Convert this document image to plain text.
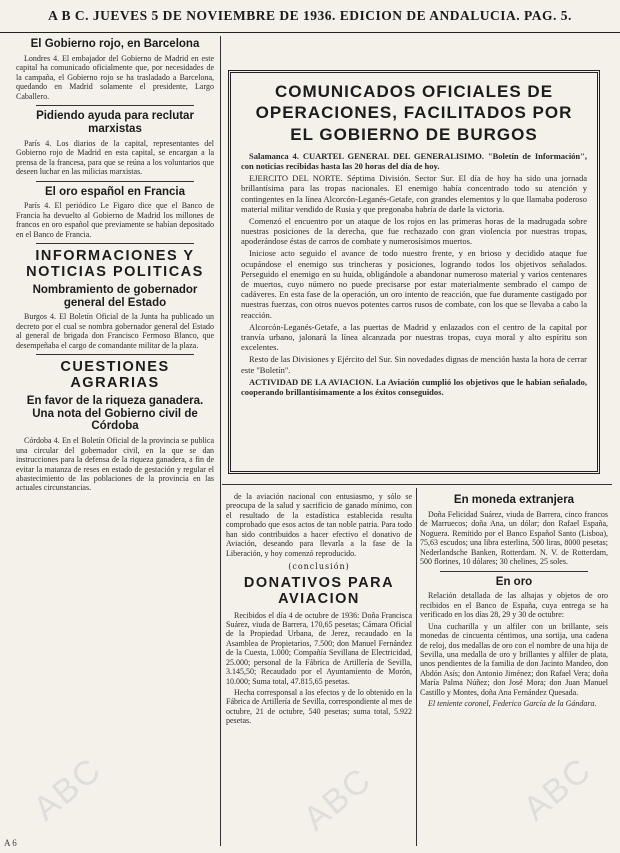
A B C. JUEVES 5 DE NOVIEMBRE DE 1936. EDICION DE ANDALUCIA. PAG. 5.
El Gobierno rojo, en Barcelona

Londres 4. El embajador del Gobierno de Madrid en este capital ha comunicado oficialmente que, por necesidades de la campaña, el Gobierno rojo se ha trasladado a Barcelona, quedando en Madrid solamente el presidente, Largo Caballero.

Pidiendo ayuda para reclutar marxistas

París 4. Los diarios de la capital, representantes del Gobierno rojo de Madrid en esta capital, se encargan a la prensa de la francesa, para que se reúna a los voluntarios que deseen luchar en las milicias marxistas.

El oro español en Francia

París 4. El periódico Le Figaro dice que el Banco de Francia ha devuelto al Gobierno de Madrid los millones de francos en oro español que previamente se habían depositado en el Banco de Francia.

INFORMACIONES Y NOTICIAS POLITICAS
Nombramiento de gobernador general del Estado

Burgos 4. El Boletín Oficial de la Junta ha publicado un decreto por el cual se nombra gobernador general del Estado al general de brigada don Francisco Fermoso Blanco, que desempeñaba el cargo de comandante militar de la plaza.

CUESTIONES AGRARIAS
En favor de la riqueza ganadera. Una nota del Gobierno civil de Córdoba

Córdoba 4. En el Boletín Oficial de la provincia se publica una circular del gobernador civil, en la que se dan instrucciones para la defensa de la riqueza ganadera, a fin de evitar la matanza de reses en estado de gestación y regular el abastecimiento de las poblaciones de la provincia en las actuales circunstancias.

COMUNICADOS OFICIALES DE OPERACIONES, FACILITADOS POR EL GOBIERNO DE BURGOS

Salamanca 4. CUARTEL GENERAL DEL GENERALISIMO. "Boletín de Información", con noticias recibidas hasta las 20 horas del día de hoy.

EJERCITO DEL NORTE. Séptima División. Sector Sur. El día de hoy ha sido una jornada brillantísima para las tropas nacionales. El enemigo había concentrado todo su atención y contingentes en la línea Alcorcón-Leganés-Getafe, con grandes elementos y lo que llamaba poderoso material militar vendido de Rusia y que pregonaba habría de darle la victoria.

Comenzó el encuentro por un ataque de los rojos en las primeras horas de la madrugada sobre nuestras posiciones de la derecha, que fue rechazado con gran violencia por nuestras tropas, apoderándose éstas de carros de combate y numerosísimos muertos.

Iniciose acto seguido el avance de todo nuestro frente, y en brioso y decidido ataque fue ocupándose el enemigo sus trincheras y posiciones, logrando todos los objetivos señalados. Perseguido el enemigo en su huida, obligándole a abandonar numeroso material y varios centenares de muertos, cuyo número no puede precisarse por estar materialmente sembrado el campo de cadáveres. En esta fase de la operación, un oro intento de reacción, que fue duramente castigado por nuestras fuerzas, con otros nuevos potentes carros rusos de combate, con los que se llevaba a cabo la reacción.

Alcorcón-Leganés-Getafe, a las puertas de Madrid y enlazados con el centro de la capital por tranvía urbano, jalonará la línea alcanzada por nuestras tropas, cuya moral y alto espíritu son excelentes.

Resto de las Divisiones y Ejército del Sur. Sin novedades dignas de mención hasta la hora de cerrar este "Boletín".

ACTIVIDAD DE LA AVIACION. La Aviación cumplió los objetivos que le habían señalado, cooperando brillantísimamente a los éxitos conseguidos.

de la aviación nacional con entusiasmo, y sólo se preocupa de la salud y sacrificio de ganado mínimo, con el resultado de la estadística establecida resulta comprobado que esos actos de tan noble patria. Para todo han sido contribuidos a hacer efectivo el donativo de Aviación, deseando para llevarla a la fase de la Liberación, y hoy comenzó reproducido.

(conclusión)
DONATIVOS PARA AVIACION

Recibidos el día 4 de octubre de 1936: Doña Francisca Suárez, viuda de Barrera, 170,65 pesetas; Cámara Oficial de la Propiedad Urbana, de Jerez, recaudado en la Asamblea de Propietarios, 7.500; don Manuel Fernández de la Cuesta, 1.000; Compañía Sevillana de Electricidad, 25.000; personal de la Fábrica de Artillería de Sevilla, 3.145,50; Recaudado por el Ayuntamiento de Morón, 10.000; Suma total, 47.815,65 pesetas.

Hecha corresponsal a los efectos y de lo obtenido en la Fábrica de Artillería de Sevilla, correspondiente al mes de octubre, 21 de octubre, 540 pesetas; suma total, 5.922 pesetas.

En moneda extranjera

Doña Felicidad Suárez, viuda de Barrera, cinco francos de Marruecos; doña Ana, un dólar; don Rafael España, Noguera. Remitido por el Banco Español Santo (Lisboa), 75,63 escudos; una libra esterlina, 500 liras, 8000 pesetas; Nederlandsche Banken, Rotterdam. N. V. de Rotterdam, 500 florines, 10 dólares; 30 chelines, 25 soles.

En oro

Relación detallada de las alhajas y objetos de oro recibidos en el Banco de España, cuya entrega se ha verificado en los días 28, 29 y 30 de octubre:

Una cucharilla y un alfiler con un brillante, seis monedas de cincuenta céntimos, una sortija, una cadena de reloj, dos medallas de oro con el nombre de una hija de Sevilla, una medalla de oro y brillantes y alfiler de plata, unos pendientes de la familia de don Jacinto Mandeo, don Abdón Asís; don Antonio Jiménez; don Rafael Vera; doña María Palma Núñez; don José Mora; don Juan Manuel Castillo y Montes, doña Ana Fernández Quesada.

El teniente coronel, Federico García de la Gándara.

ABC	ABC	ABC
A 6
